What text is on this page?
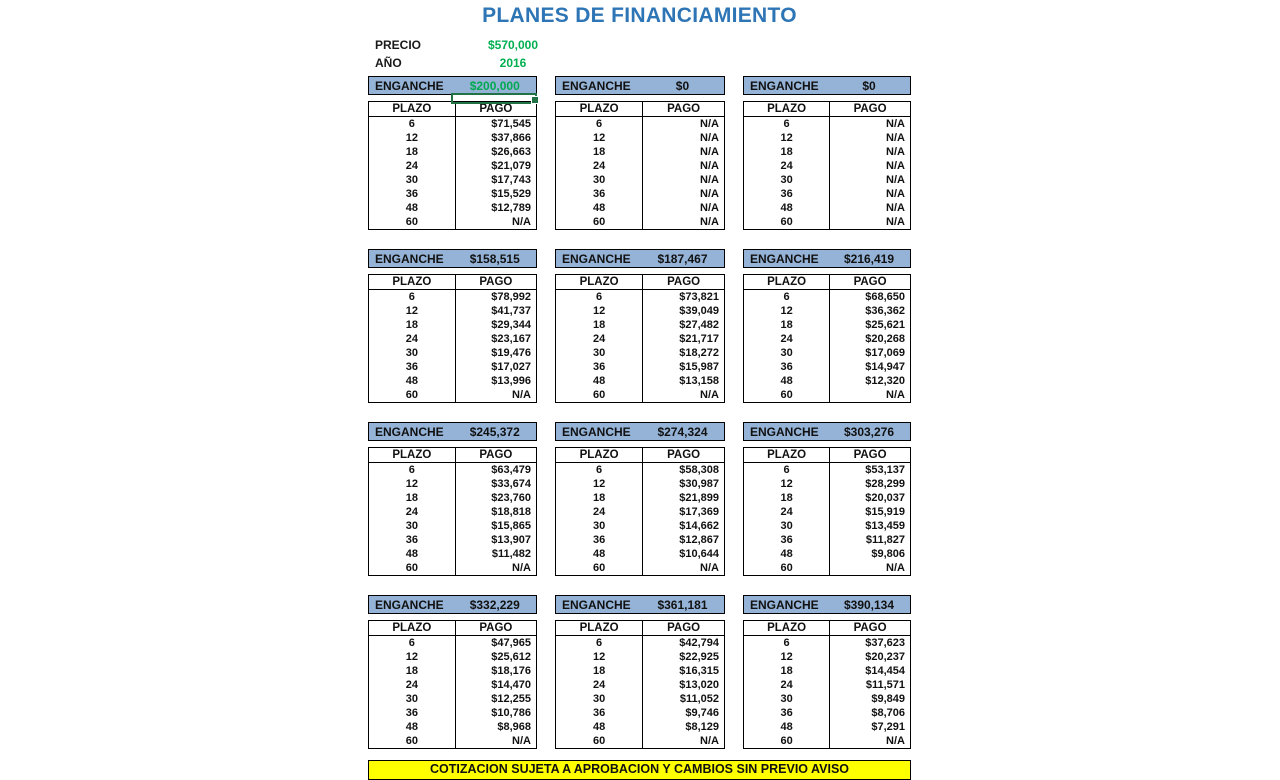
PLANES DE FINANCIAMIENTO
PRECIO	$570,000
AÑO	2016
ENGANCHE	$200,000
PLAZO	PAGO
6	$71,545
12	$37,866
18	$26,663
24	$21,079
30	$17,743
36	$15,529
48	$12,789
60	N/A
ENGANCHE	$0
PLAZO	PAGO
6	N/A
12	N/A
18	N/A
24	N/A
30	N/A
36	N/A
48	N/A
60	N/A
ENGANCHE	$0
PLAZO	PAGO
6	N/A
12	N/A
18	N/A
24	N/A
30	N/A
36	N/A
48	N/A
60	N/A
ENGANCHE	$158,515
PLAZO	PAGO
6	$78,992
12	$41,737
18	$29,344
24	$23,167
30	$19,476
36	$17,027
48	$13,996
60	N/A
ENGANCHE	$187,467
PLAZO	PAGO
6	$73,821
12	$39,049
18	$27,482
24	$21,717
30	$18,272
36	$15,987
48	$13,158
60	N/A
ENGANCHE	$216,419
PLAZO	PAGO
6	$68,650
12	$36,362
18	$25,621
24	$20,268
30	$17,069
36	$14,947
48	$12,320
60	N/A
ENGANCHE	$245,372
PLAZO	PAGO
6	$63,479
12	$33,674
18	$23,760
24	$18,818
30	$15,865
36	$13,907
48	$11,482
60	N/A
ENGANCHE	$274,324
PLAZO	PAGO
6	$58,308
12	$30,987
18	$21,899
24	$17,369
30	$14,662
36	$12,867
48	$10,644
60	N/A
ENGANCHE	$303,276
PLAZO	PAGO
6	$53,137
12	$28,299
18	$20,037
24	$15,919
30	$13,459
36	$11,827
48	$9,806
60	N/A
ENGANCHE	$332,229
PLAZO	PAGO
6	$47,965
12	$25,612
18	$18,176
24	$14,470
30	$12,255
36	$10,786
48	$8,968
60	N/A
ENGANCHE	$361,181
PLAZO	PAGO
6	$42,794
12	$22,925
18	$16,315
24	$13,020
30	$11,052
36	$9,746
48	$8,129
60	N/A
ENGANCHE	$390,134
PLAZO	PAGO
6	$37,623
12	$20,237
18	$14,454
24	$11,571
30	$9,849
36	$8,706
48	$7,291
60	N/A
COTIZACION SUJETA A APROBACION Y CAMBIOS SIN PREVIO AVISO
